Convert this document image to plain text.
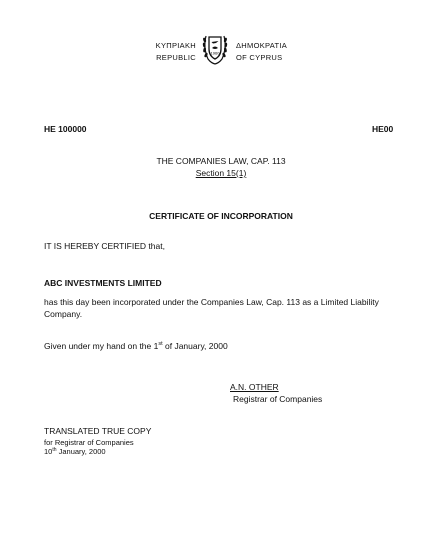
ΚΥΠΡΙΑΚΗ
REPUBLIC	1960
ΔΗΜΟΚΡΑΤΙΑ
OF CYPRUS
HE 100000	HE00
THE COMPANIES LAW, CAP. 113
Section 15(1)
CERTIFICATE OF INCORPORATION
IT IS HEREBY CERTIFIED that,
ABC INVESTMENTS LIMITED
has this day been incorporated under the Companies Law, Cap. 113 as a Limited Liability Company.
Given under my hand on the 1st of January, 2000
A.N. OTHER
Registrar of Companies
TRANSLATED TRUE COPY
for Registrar of Companies
10th January, 2000
